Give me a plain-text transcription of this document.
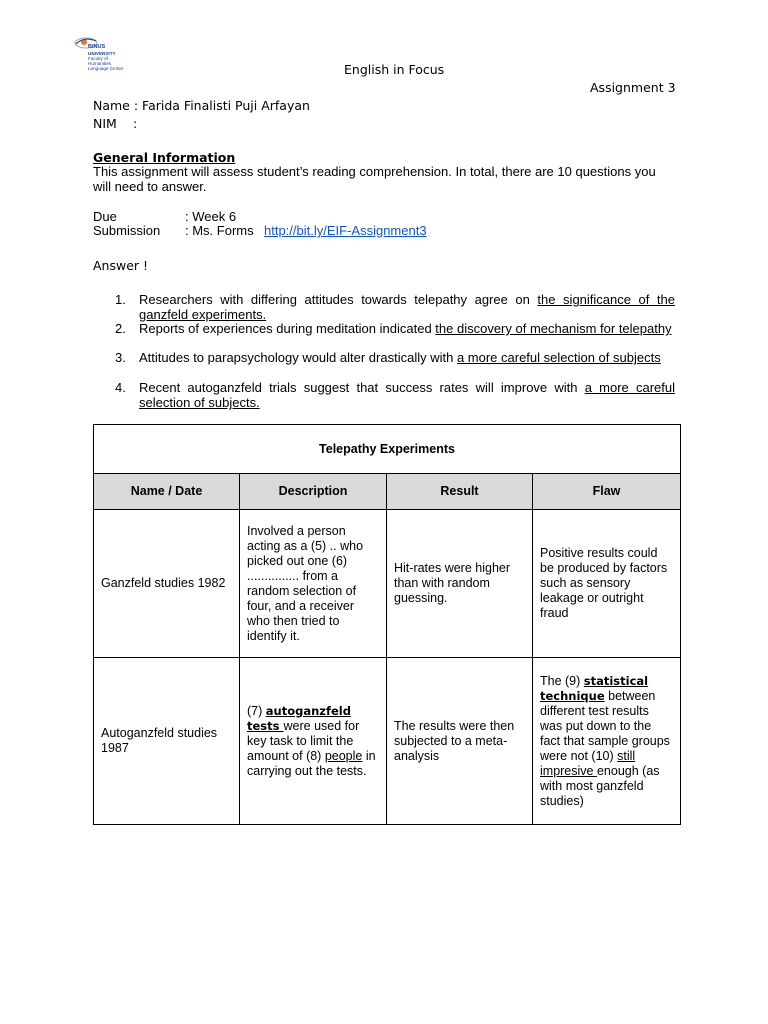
BINUS
UNIVERSITY
Faculty of
Humanities
Language Center	English in Focus
Assignment 3
Name : Farida Finalisti Puji Arfayan
NIM :
General Information
This assignment will assess student’s reading comprehension. In total, there are 10 questions you will need to answer.
Due	: Week 6
Submission : Ms. Forms http://bit.ly/EIF-Assignment3
Answer !
1. Researchers with differing attitudes towards telepathy agree on the significance of the ganzfeld experiments.
2. Reports of experiences during meditation indicated the discovery of mechanism for telepathy
3. Attitudes to parapsychology would alter drastically with a more careful selection of subjects
4. Recent autoganzfeld trials suggest that success rates will improve with a more careful selection of subjects.
Telepathy Experiments			
Name / Date	Description	Result	Flaw
Ganzfeld studies 1982	Involved a person acting as a (5) .. who picked out one (6) ............... from a random selection of four, and a receiver who then tried to identify it.	Hit-rates were higher than with random guessing.	Positive results could be produced by factors such as sensory leakage or outright fraud
Autoganzfeld studies 1987	(7) autoganzfeld tests were used for key task to limit the amount of (8) people in carrying out the tests.	The results were then subjected to a meta-analysis	The (9) statistical technique between different test results was put down to the fact that sample groups were not (10) still impresive enough (as with most ganzfeld studies)
